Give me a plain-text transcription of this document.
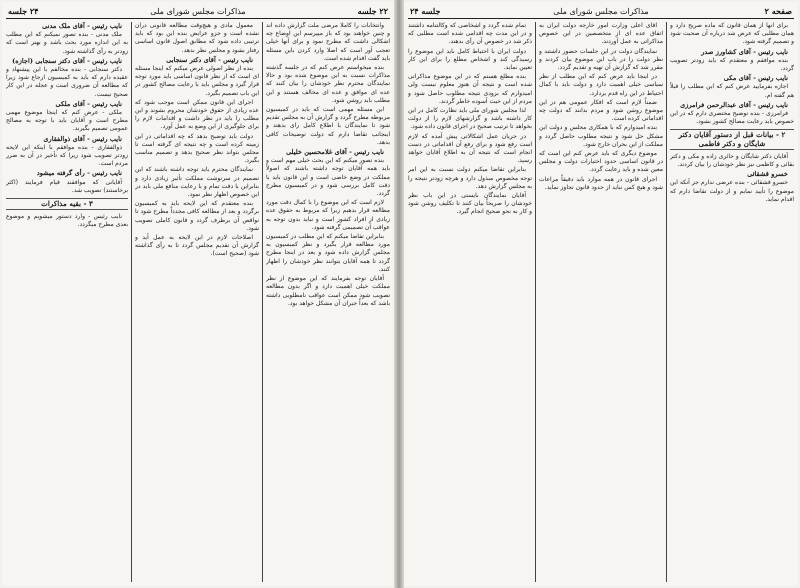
۲۲ جلسه
مذاکرات مجلس شورای ملی
۲۴ جلسه

وانتخابات را کاملا مرضی ملت گزارش داده اند و چنین خواهند بود که باز میپرسم این اوضاع چه اشکالی داشت که مطرح نمود و برای آنها خیلی تعجب آور است که اصلا وارد کردن باین مسئله باید گفت اقدام شده است.

بنده میخواستم عرض کنم که در جلسه گذشته مذاکرات نسبت به این موضوع شده بود و حالا نمایندگان محترم نظر خودشان را بیان کنند که عده ای موافق و عده ای مخالف هستند و این مطلب باید روشن شود.

این مسئله مهمی است که باید در کمیسیون مربوطه مطرح گردد و گزارش آن به مجلس تقدیم شود تا نمایندگان با اطلاع کامل رای بدهند و اینجانب تقاضا دارم که دولت توضیحات کافی بدهد.

نایب رئیس - آقای غلامحسین خلیلی

بنده تصور میکنم که این بحث خیلی مهم است و باید همه آقایان توجه داشته باشند که اصولاً مملکت در وضع خاصی است و این قانون باید با دقت کامل بررسی شود و در کمیسیون مطرح گردد.

لازم است که این موضوع را با کمال دقت مورد مطالعه قرار بدهیم زیرا که مربوط به حقوق عده زیادی از افراد کشور است و نباید بدون توجه به عواقب آن تصمیمی گرفته شود.

بنابراین تقاضا میکنم که این مطلب در کمیسیون مورد مطالعه قرار بگیرد و نظر کمیسیون به مجلس گزارش داده شود و بعد در اینجا مطرح گردد تا همه آقایان بتوانند نظر خودشان را اظهار کنند.

آقایان توجه بفرمایند که این موضوع از نظر مملکت خیلی اهمیت دارد و اگر بدون مطالعه تصویب شود ممکن است عواقب نامطلوبی داشته باشد که بعداً جبران آن مشکل خواهد بود.

معمول مادی و هیچ‌وقت مطالعه قانونی درآن نشده است و جزو عرایض بنده این بود که باید ترتیبی داده شود که مطابق اصول قانون اساسی رفتار بشود و مجلس نظر بدهد.

نایب رئیس - آقای دکتر سنجابی

بنده از نظر اصولی عرض میکنم که اینجا مسئله ای است که از نظر قانون اساسی باید مورد توجه قرار گیرد و مجلس باید با رعایت مصالح کشور در این باب تصمیم بگیرد.

اجرای این قانون ممکن است موجب شود که عده زیادی از حقوق خودشان محروم بشوند و این مطلب را باید در نظر داشت و اقدامات لازم را برای جلوگیری از این وضع به عمل آورد.

دولت باید توضیح بدهد که چه اقداماتی در این زمینه کرده است و چه نتیجه ای گرفته است تا مجلس بتواند نظر صحیح بدهد و تصمیم مناسب بگیرد.

نمایندگان محترم باید توجه داشته باشند که این تصمیم در سرنوشت مملکت تأثیر زیادی دارد و بنابراین با دقت تمام و با رعایت منافع ملی باید در این خصوص اظهار نظر نمود.

بنده معتقدم که این لایحه باید به کمیسیون برگردد و بعد از مطالعه کافی مجدداً مطرح شود تا نواقص آن برطرف گردد و قانون کاملی تصویب شود.

اصلاحات لازم در این لایحه به عمل آید و گزارش آن تقدیم مجلس گردد تا به رأی گذاشته شود (صحیح است).

نایب رئیس - آقای ملک مدنی

ملک مدنی - بنده تصور نمیکنم که این مطلب به این اندازه مورد بحث باشد و بهتر است که زودتر به رأی گذاشته شود.

نایب رئیس - آقای دکتر سنجابی (اجازه)

دکتر سنجابی - بنده مخالفم با این پیشنهاد و عقیده دارم که باید به کمیسیون ارجاع شود زیرا که مطالعه آن ضروری است و عجله در این کار صحیح نیست.

نایب رئیس - آقای ملکی

ملکی - عرض کنم که اینجا موضوع مهمی مطرح است و آقایان باید با توجه به مصالح عمومی تصمیم بگیرند.

نایب رئیس - آقای ذوالفقاری

ذوالفقاری - بنده موافقم با اینکه این لایحه زودتر تصویب شود زیرا که تأخیر در آن به ضرر مردم است.

نایب رئیس - رأی گرفته میشود

آقایانی که موافقند قیام فرمایند (اکثر برخاستند) تصویب شد.

۳ - بقیه مذاکرات

نایب رئیس - وارد دستور میشویم و موضوع بعدی مطرح میگردد.

صفحه ۲
مذاکرات مجلس شورای ملی
جلسه ۲۴

برای آنها از همان قانون که ماده صریح دارد و همان مطلبی که عرض شد درباره آن صحبت شود و تصمیم گرفته شود.

نایب رئیس - آقای کشاورز صدر

بنده موافقم و معتقدم که باید زودتر تصویب گردد.

نایب رئیس - آقای مکی

اجازه بفرمایید عرض کنم که این مطلب را قبلاً هم گفته ام.

نایب رئیس - آقای عبدالرحمن فرامرزی

فرامرزی - بنده توضیح مختصری دارم که در این خصوص باید رعایت مصالح کشور بشود.

۲ - بیانات قبل از دستور آقایان دکتر شایگان و دکتر فاطمی

آقایان دکتر شایگان و حائری زاده و مکی و دکتر بقائی و کاظمی نیز نظر خودشان را بیان کردند.

خسرو قشقائی

خسرو قشقائی - بنده عرضی ندارم جز آنکه این موضوع را تأیید نمایم و از دولت تقاضا دارم که اقدام نماید.

آقای اعلی وزارت امور خارجه دولت ایران به اتفاق عده ای از متخصصین در این خصوص مذاکراتی به عمل آوردند.

نمایندگان دولت در این جلسات حضور داشتند و نظر دولت را در باب این موضوع بیان کردند و مقرر شد که گزارش آن تهیه و تقدیم گردد.

در اینجا باید عرض کنم که این مطلب از نظر سیاسی خیلی اهمیت دارد و دولت باید با کمال احتیاط در این راه قدم بردارد.

ضمناً لازم است که افکار عمومی هم در این موضوع روشن شود و مردم بدانند که دولت چه اقداماتی کرده است.

بنده امیدوارم که با همکاری مجلس و دولت این مشکل حل شود و نتیجه مطلوب حاصل گردد و مملکت از این بحران خارج شود.

موضوع دیگری که باید عرض کنم این است که در قانون اساسی حدود اختیارات دولت و مجلس معین شده و باید رعایت گردد.

اجرای قانون در همه موارد باید دقیقاً مراعات شود و هیچ کس نباید از حدود قانون تجاوز نماید.

تمام شده گردد و اشخاصی که وکالتنامه داشتند و در این مدت چه اقدامی شده است مطلبی که ذکر شد در خصوص آن رأی بدهند.

دولت ایران با احتیاط کامل باید این موضوع را رسیدگی کند و اشخاص مطلع را برای این کار تعیین نماید.

بنده مطلع هستم که در این موضوع مذاکراتی شده است و نتیجه آن هنوز معلوم نیست ولی امیدوارم که بزودی نتیجه مطلوب حاصل شود و مردم از این حیث آسوده خاطر گردند.

لذا مجلس شورای ملی باید نظارت کامل در این کار داشته باشد و گزارشهای لازم را از دولت بخواهد تا ترتیب صحیح در اجرای قانون داده شود.

در جریان عمل اشکالاتی پیش آمده که لازم است رفع شود و برای رفع آن اقداماتی در دست انجام است که نتیجه آن به اطلاع آقایان خواهد رسید.

بنابراین تقاضا میکنم دولت نسبت به این امر توجه مخصوص مبذول دارد و هرچه زودتر نتیجه را به مجلس گزارش دهد.

آقایان نمایندگان بایستی در این باب نظر خودشان را صریحاً بیان کنند تا تکلیف روشن شود و کار به نحو صحیح انجام گیرد.
